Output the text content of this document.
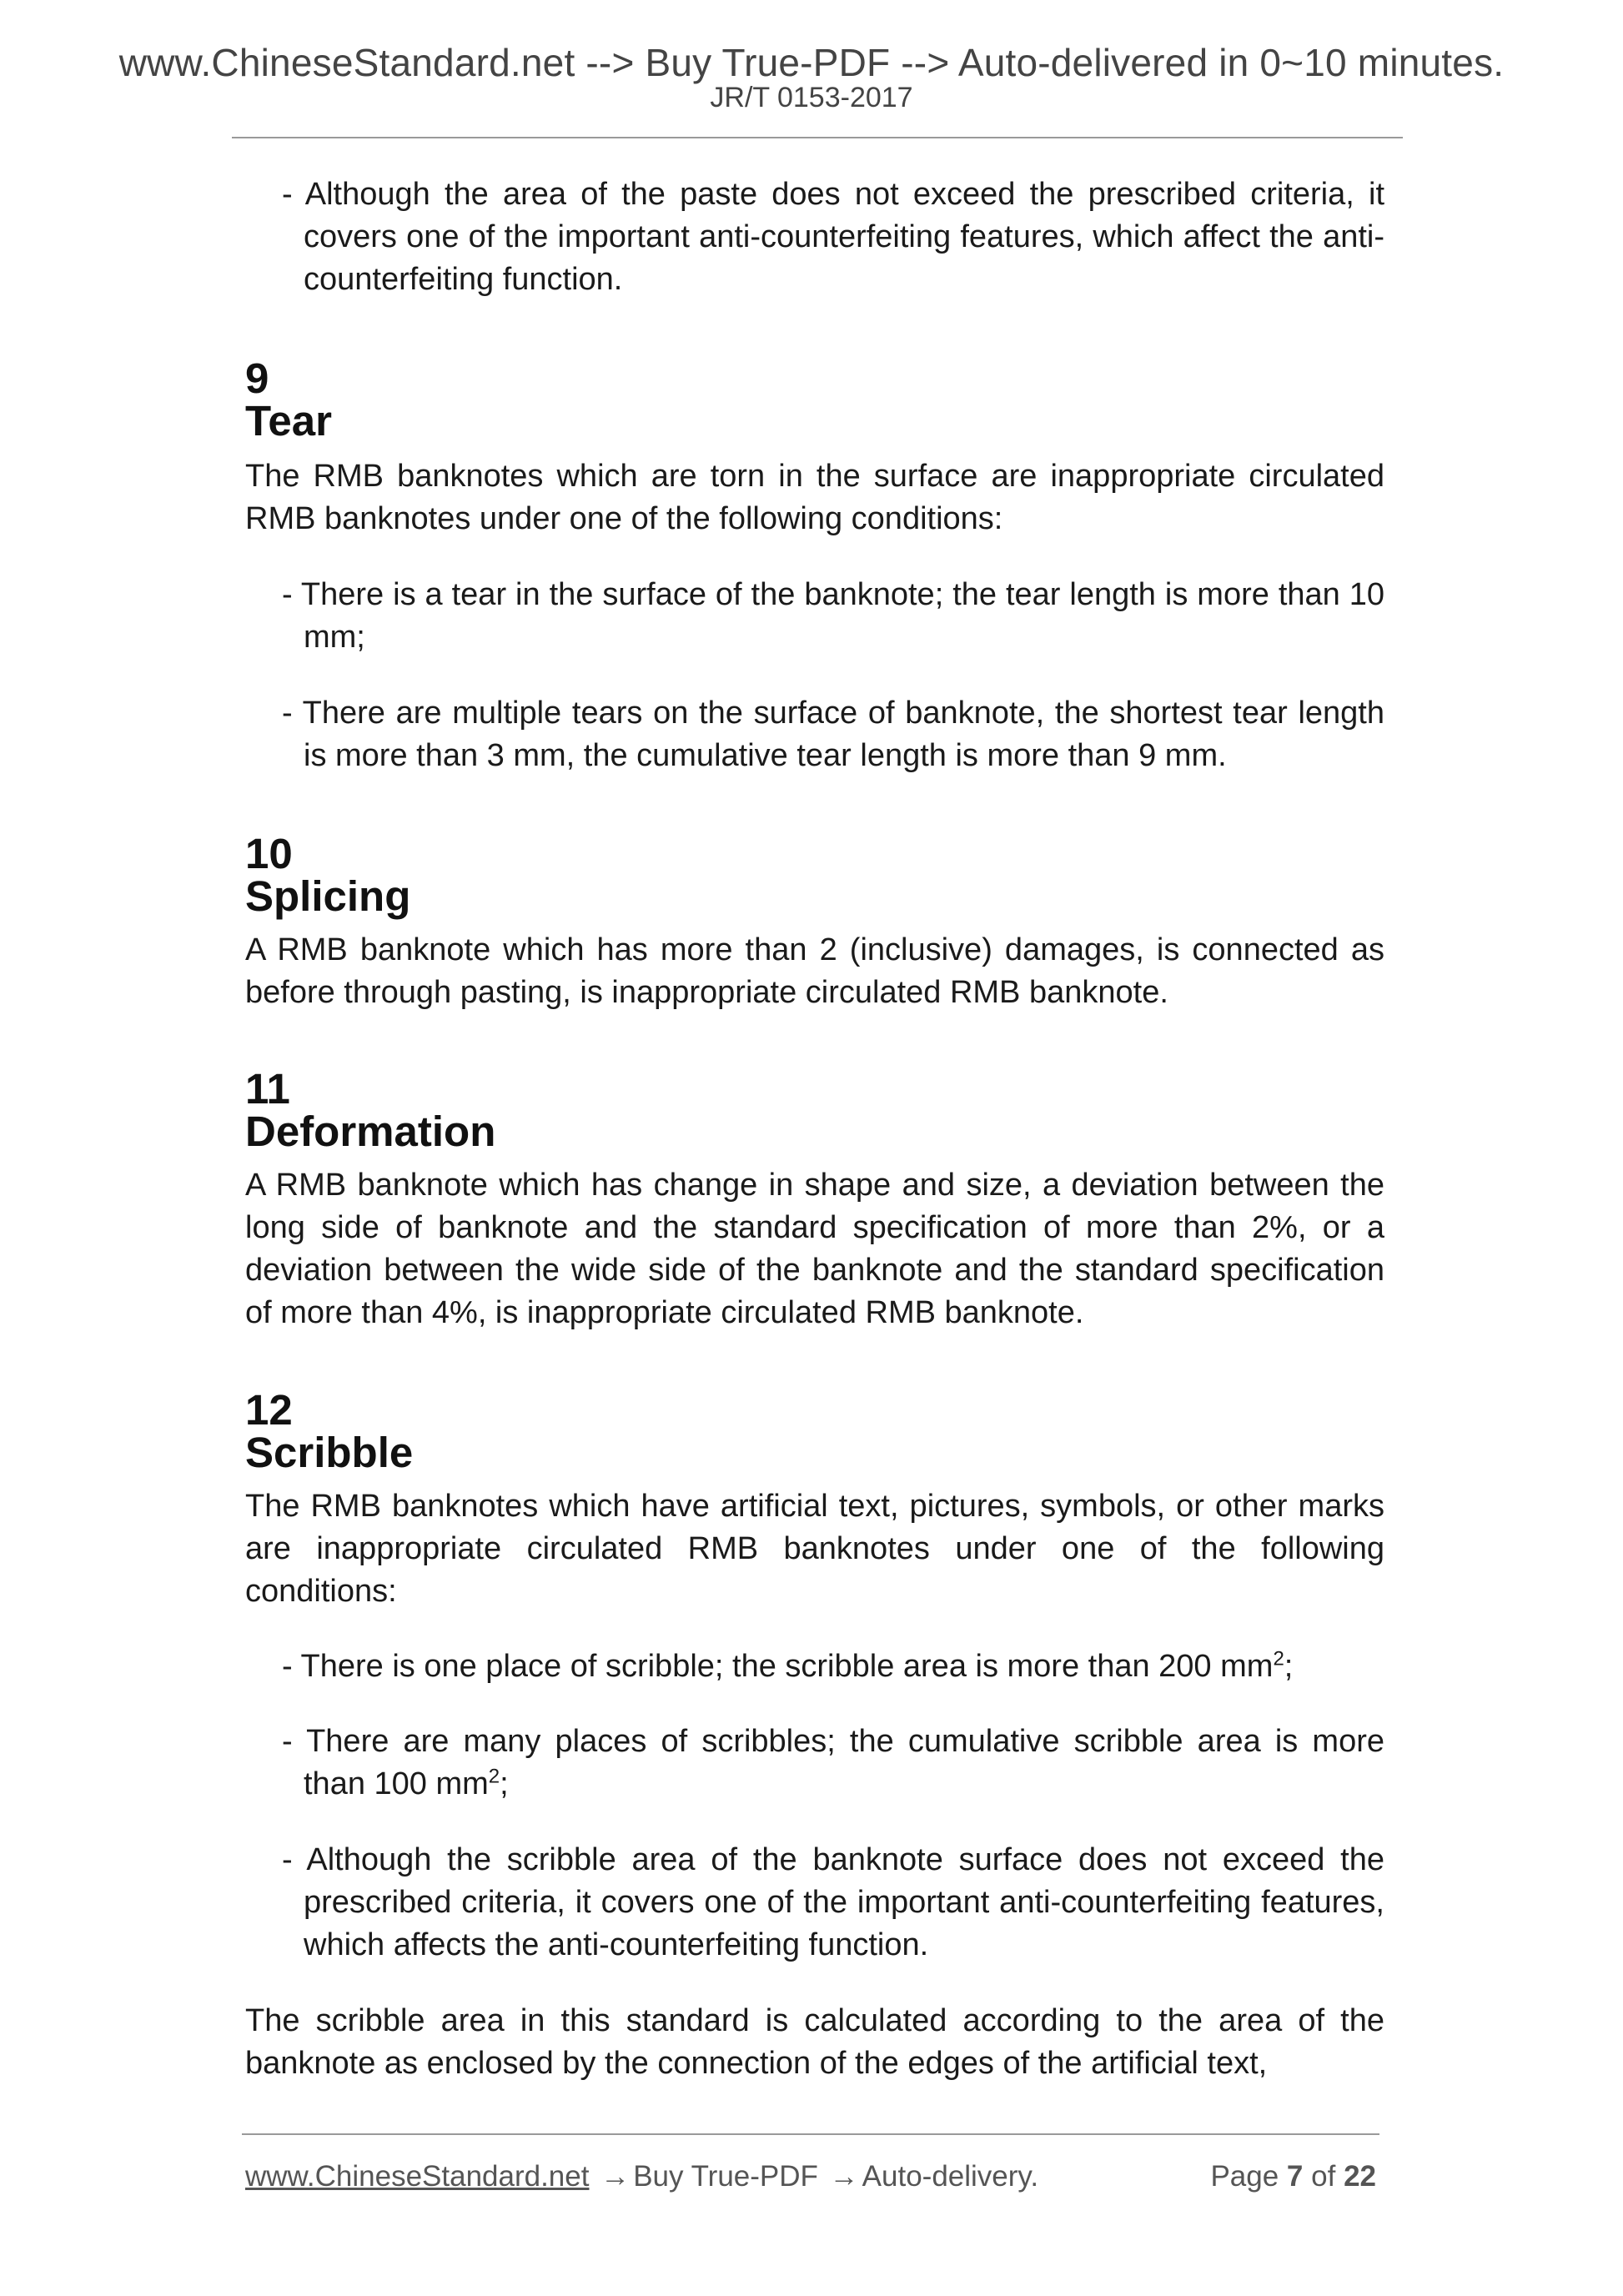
www.ChineseStandard.net --> Buy True-PDF --> Auto-delivered in 0~10 minutes.
JR/T 0153-2017
- Although the area of the paste does not exceed the prescribed criteria, it covers one of the important anti-counterfeiting features, which affect the anti-counterfeiting function.
9 Tear
The RMB banknotes which are torn in the surface are inappropriate circulated RMB banknotes under one of the following conditions:
- There is a tear in the surface of the banknote; the tear length is more than 10 mm;
- There are multiple tears on the surface of banknote, the shortest tear length is more than 3 mm, the cumulative tear length is more than 9 mm.
10 Splicing
A RMB banknote which has more than 2 (inclusive) damages, is connected as before through pasting, is inappropriate circulated RMB banknote.
11 Deformation
A RMB banknote which has change in shape and size, a deviation between the long side of banknote and the standard specification of more than 2%, or a deviation between the wide side of the banknote and the standard specification of more than 4%, is inappropriate circulated RMB banknote.
12 Scribble
The RMB banknotes which have artificial text, pictures, symbols, or other marks are inappropriate circulated RMB banknotes under one of the following conditions:
- There is one place of scribble; the scribble area is more than 200 $mm^2$;
- There are many places of scribbles; the cumulative scribble area is more than 100 $mm^2$;
- Although the scribble area of the banknote surface does not exceed the prescribed criteria, it covers one of the important anti-counterfeiting features, which affects the anti-counterfeiting function.
The scribble area in this standard is calculated according to the area of the banknote as enclosed by the connection of the edges of the artificial text,
www.ChineseStandard.net → Buy True-PDF → Auto-delivery.	Page 7 of 22
